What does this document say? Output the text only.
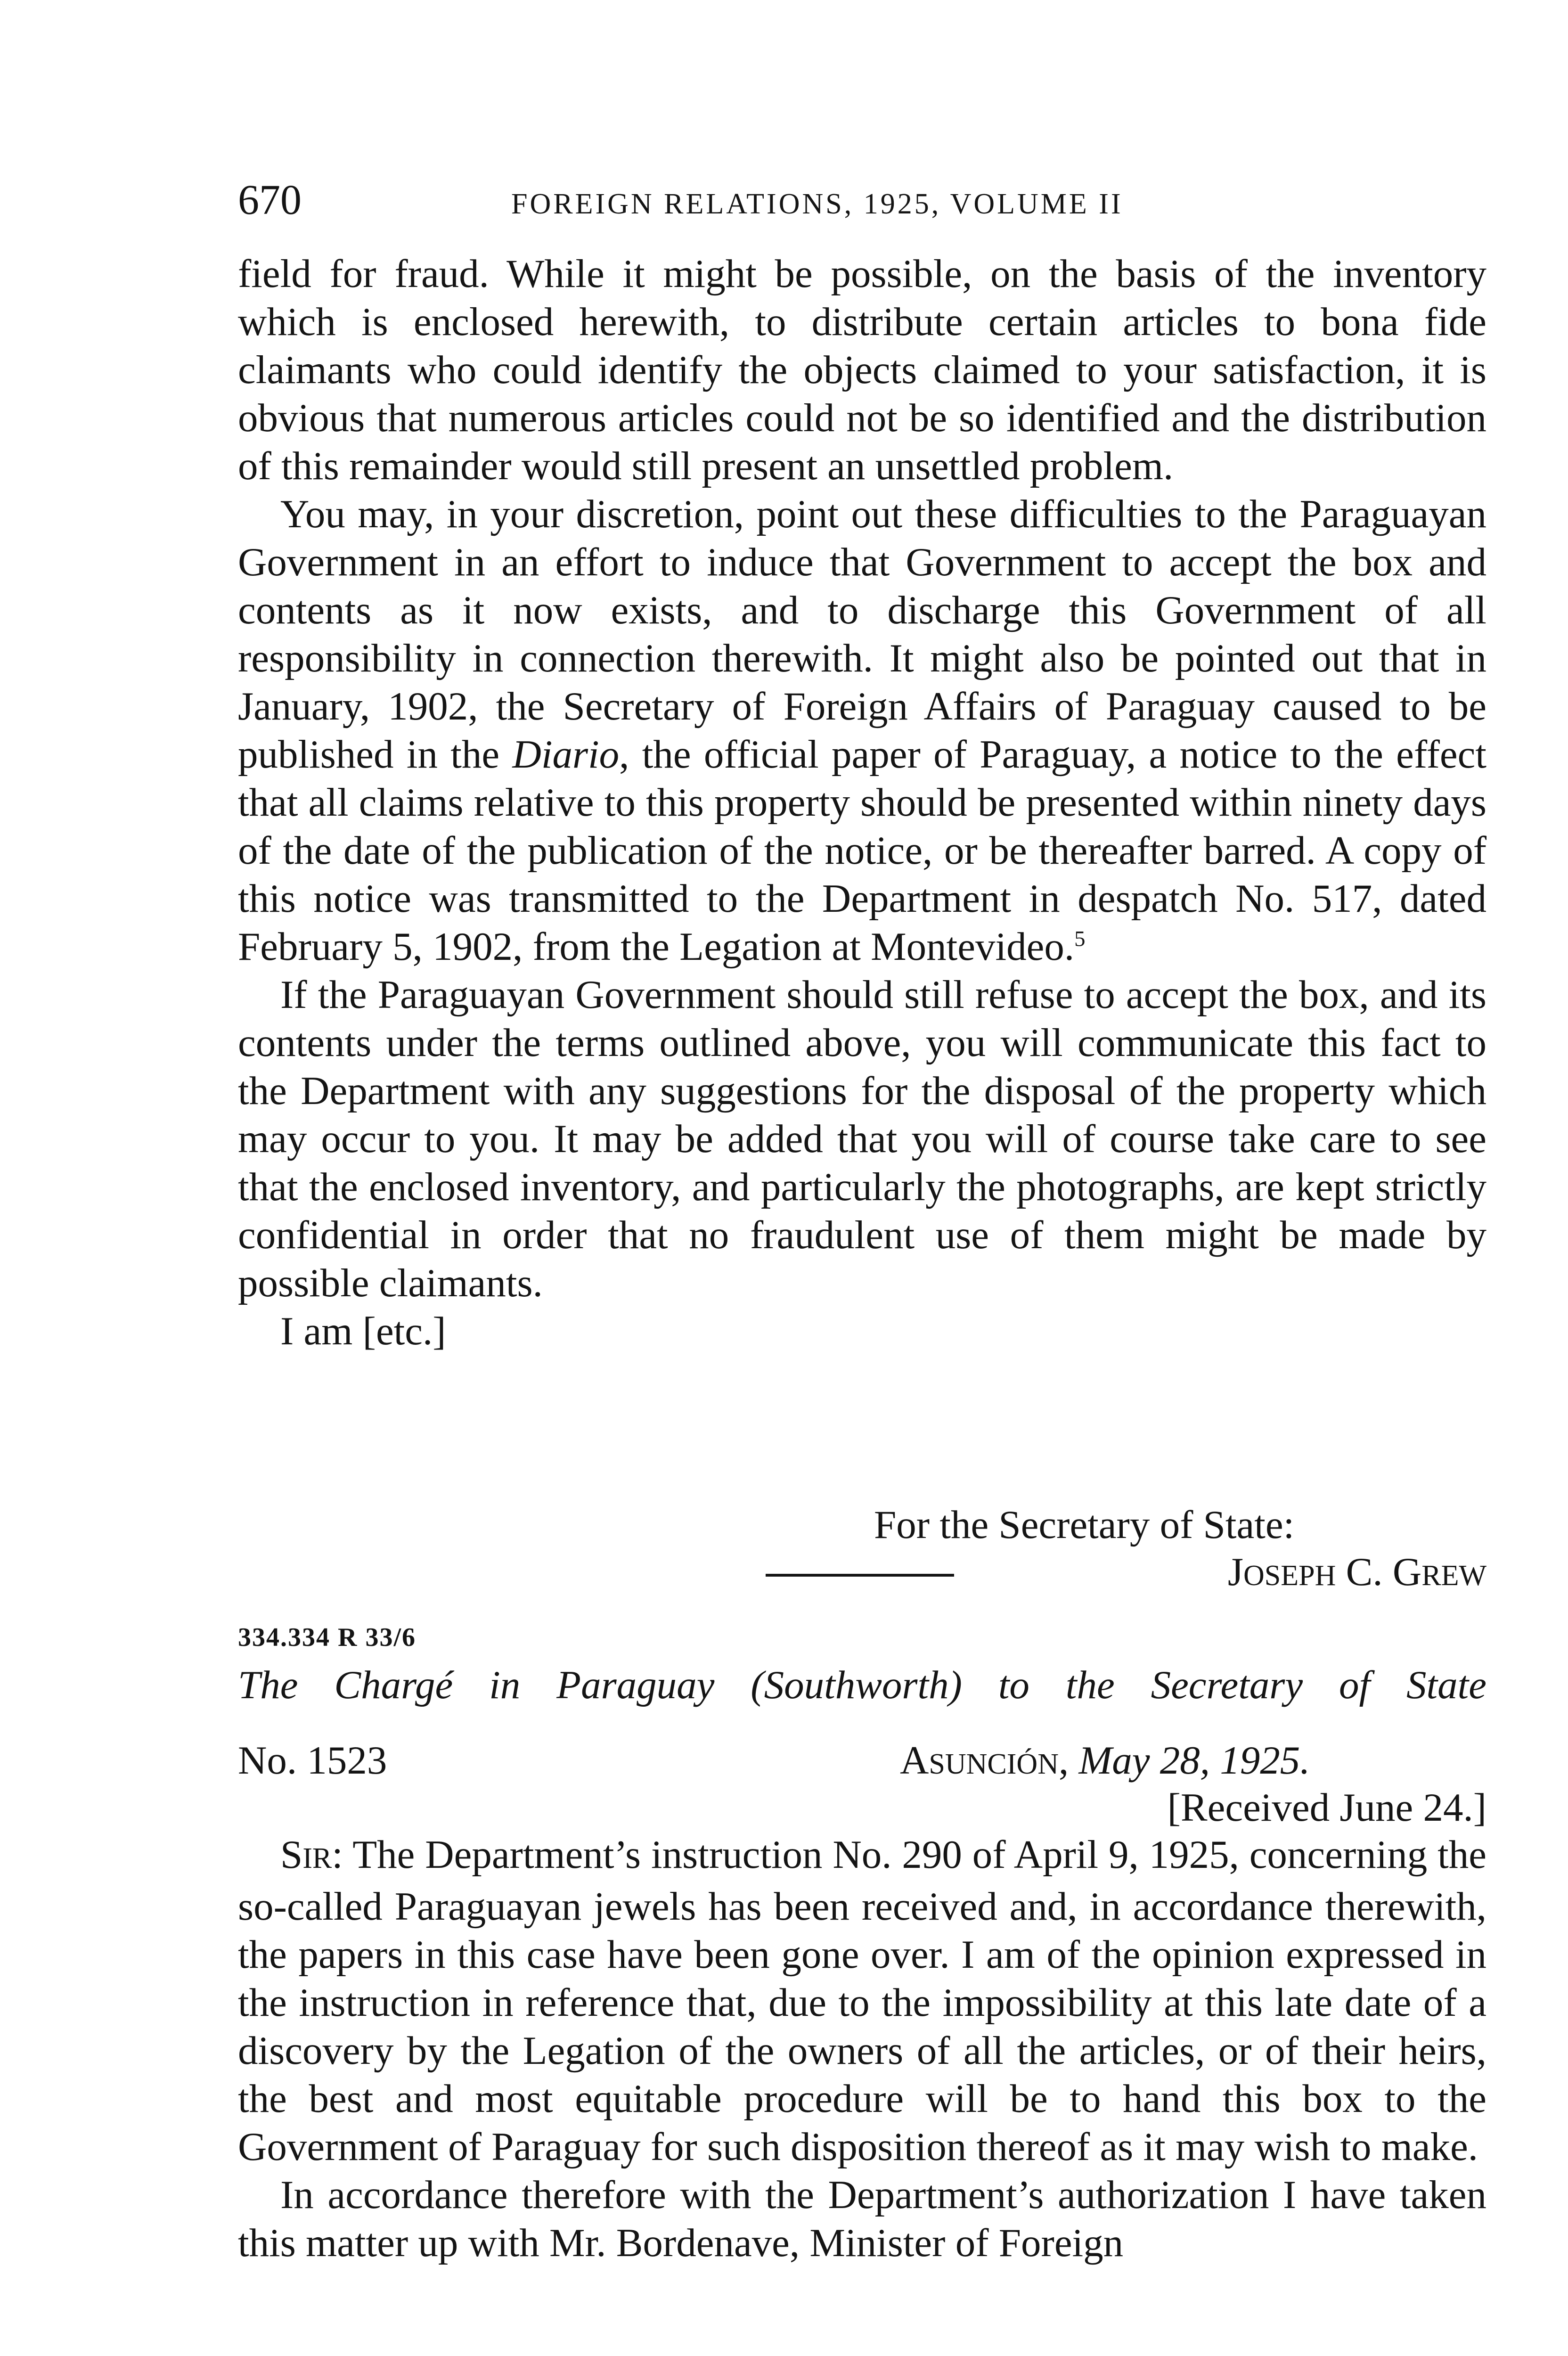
670	FOREIGN RELATIONS, 1925, VOLUME II

field for fraud. While it might be possible, on the basis of the inventory which is enclosed herewith, to distribute certain articles to bona fide claimants who could identify the objects claimed to your satisfaction, it is obvious that numerous articles could not be so identified and the distribution of this remainder would still present an unsettled problem.

You may, in your discretion, point out these difficulties to the Paraguayan Government in an effort to induce that Government to accept the box and contents as it now exists, and to discharge this Government of all responsibility in connection therewith. It might also be pointed out that in January, 1902, the Secretary of Foreign Affairs of Paraguay caused to be published in the Diario, the official paper of Paraguay, a notice to the effect that all claims relative to this property should be presented within ninety days of the date of the publication of the notice, or be thereafter barred. A copy of this notice was transmitted to the Department in despatch No. 517, dated February 5, 1902, from the Legation at Montevideo.$^5$

If the Paraguayan Government should still refuse to accept the box, and its contents under the terms outlined above, you will communicate this fact to the Department with any suggestions for the disposal of the property which may occur to you. It may be added that you will of course take care to see that the enclosed inventory, and particularly the photographs, are kept strictly confidential in order that no fraudulent use of them might be made by possible claimants.

I am [etc.]

For the Secretary of State:
JOSEPH C. GREW
334.334 R 33/6
The Chargé in Paraguay (Southworth) to the Secretary of State
No. 1523	ASUNCIÓN, May 28, 1925.
[Received June 24.]

SIR: The Department’s instruction No. 290 of April 9, 1925, concerning the so-called Paraguayan jewels has been received and, in accordance therewith, the papers in this case have been gone over. I am of the opinion expressed in the instruction in reference that, due to the impossibility at this late date of a discovery by the Legation of the owners of all the articles, or of their heirs, the best and most equitable procedure will be to hand this box to the Government of Paraguay for such disposition thereof as it may wish to make.

In accordance therefore with the Department’s authorization I have taken this matter up with Mr. Bordenave, Minister of Foreign
